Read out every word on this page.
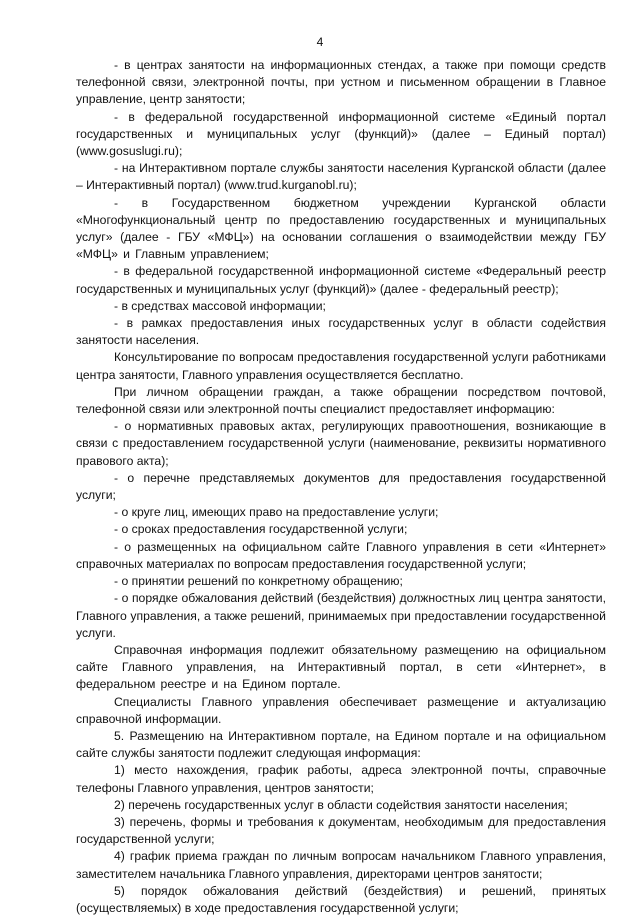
4

- в центрах занятости на информационных стендах, а также при помощи средств телефонной связи, электронной почты, при устном и письменном обращении в Главное управление, центр занятости;

- в федеральной государственной информационной системе «Единый портал государственных и муниципальных услуг (функций)» (далее – Единый портал) (www.gosuslugi.ru);

- на Интерактивном портале службы занятости населения Курганской области (далее – Интерактивный портал) (www.trud.kurganobl.ru);

- в Государственном бюджетном учреждении Курганской области «Многофункциональный центр по предоставлению государственных и муниципальных услуг» (далее - ГБУ «МФЦ») на основании соглашения о взаимодействии между ГБУ «МФЦ» и Главным управлением;

- в федеральной государственной информационной системе «Федеральный реестр государственных и муниципальных услуг (функций)» (далее - федеральный реестр);

- в средствах массовой информации;

- в рамках предоставления иных государственных услуг в области содействия занятости населения.

Консультирование по вопросам предоставления государственной услуги работниками центра занятости, Главного управления осуществляется бесплатно.

При личном обращении граждан, а также обращении посредством почтовой, телефонной связи или электронной почты специалист предоставляет информацию:

- о нормативных правовых актах, регулирующих правоотношения, возникающие в связи с предоставлением государственной услуги (наименование, реквизиты нормативного правового акта);

- о перечне представляемых документов для предоставления государственной услуги;

- о круге лиц, имеющих право на предоставление услуги;

- о сроках предоставления государственной услуги;

- о размещенных на официальном сайте Главного управления в сети «Интернет» справочных материалах по вопросам предоставления государственной услуги;

- о принятии решений по конкретному обращению;

- о порядке обжалования действий (бездействия) должностных лиц центра занятости, Главного управления, а также решений, принимаемых при предоставлении государственной услуги.

Справочная информация подлежит обязательному размещению на официальном сайте Главного управления, на Интерактивный портал, в сети «Интернет», в федеральном реестре и на Едином портале.

Специалисты Главного управления обеспечивает размещение и актуализацию справочной информации.

5. Размещению на Интерактивном портале, на Едином портале и на официальном сайте службы занятости подлежит следующая информация:

1) место нахождения, график работы, адреса электронной почты, справочные телефоны Главного управления, центров занятости;

2) перечень государственных услуг в области содействия занятости населения;

3) перечень, формы и требования к документам, необходимым для предоставления государственной услуги;

4) график приема граждан по личным вопросам начальником Главного управления, заместителем начальника Главного управления, директорами центров занятости;

5) порядок обжалования действий (бездействия) и решений, принятых (осуществляемых) в ходе предоставления государственной услуги;
